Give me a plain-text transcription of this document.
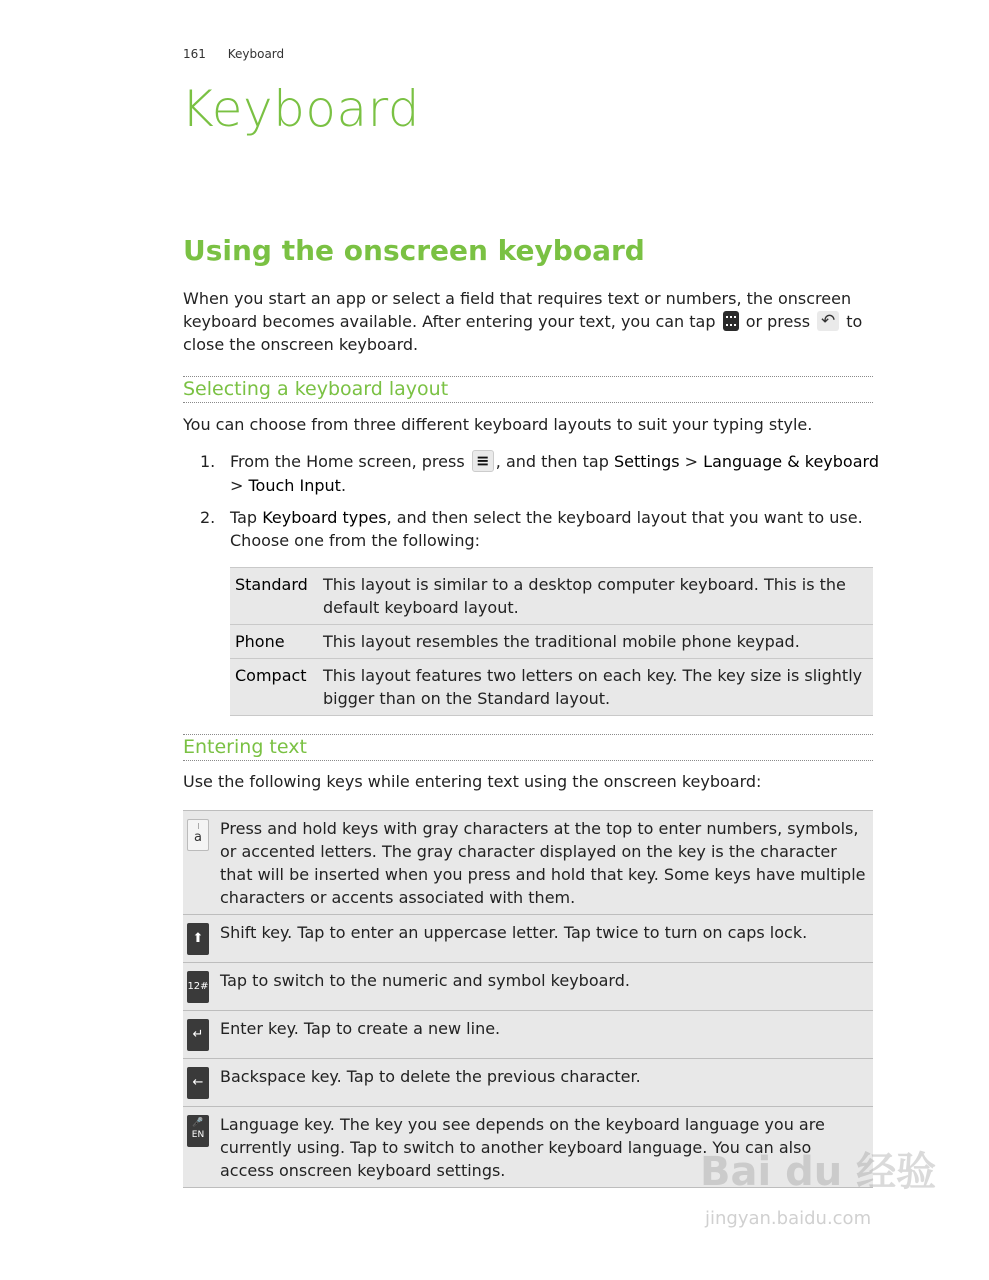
161 Keyboard
Keyboard
Using the onscreen keyboard

When you start an app or select a field that requires text or numbers, the onscreen keyboard becomes available. After entering your text, you can tap or press ↶ to close the onscreen keyboard.

Selecting a keyboard layout

You can choose from three different keyboard layouts to suit your typing style.

1. From the Home screen, press ≡ , and then tap Settings > Language & keyboard > Touch Input.
2. Tap Keyboard types, and then select the keyboard layout that you want to use. Choose one from the following:
Standard	This layout is similar to a desktop computer keyboard. This is the default keyboard layout.
Phone	This layout resembles the traditional mobile phone keypad.
Compact	This layout features two letters on each key. The key size is slightly bigger than on the Standard layout.
Entering text

Use the following keys while entering text using the onscreen keyboard:

a	Press and hold keys with gray characters at the top to enter numbers, symbols, or accented letters. The gray character displayed on the key is the character that will be inserted when you press and hold that key. Some keys have multiple characters or accents associated with them.

⬆	Shift key. Tap to enter an uppercase letter. Tap twice to turn on caps lock.

12#	Tap to switch to the numeric and symbol keyboard.

↵	Enter key. Tap to create a new line.

←	Backspace key. Tap to delete the previous character.

🎤
EN	Language key. The key you see depends on the keyboard language you are currently using. Tap to switch to another keyboard language. You can also access onscreen keyboard settings.	Bai du 经验
jingyan.baidu.com
